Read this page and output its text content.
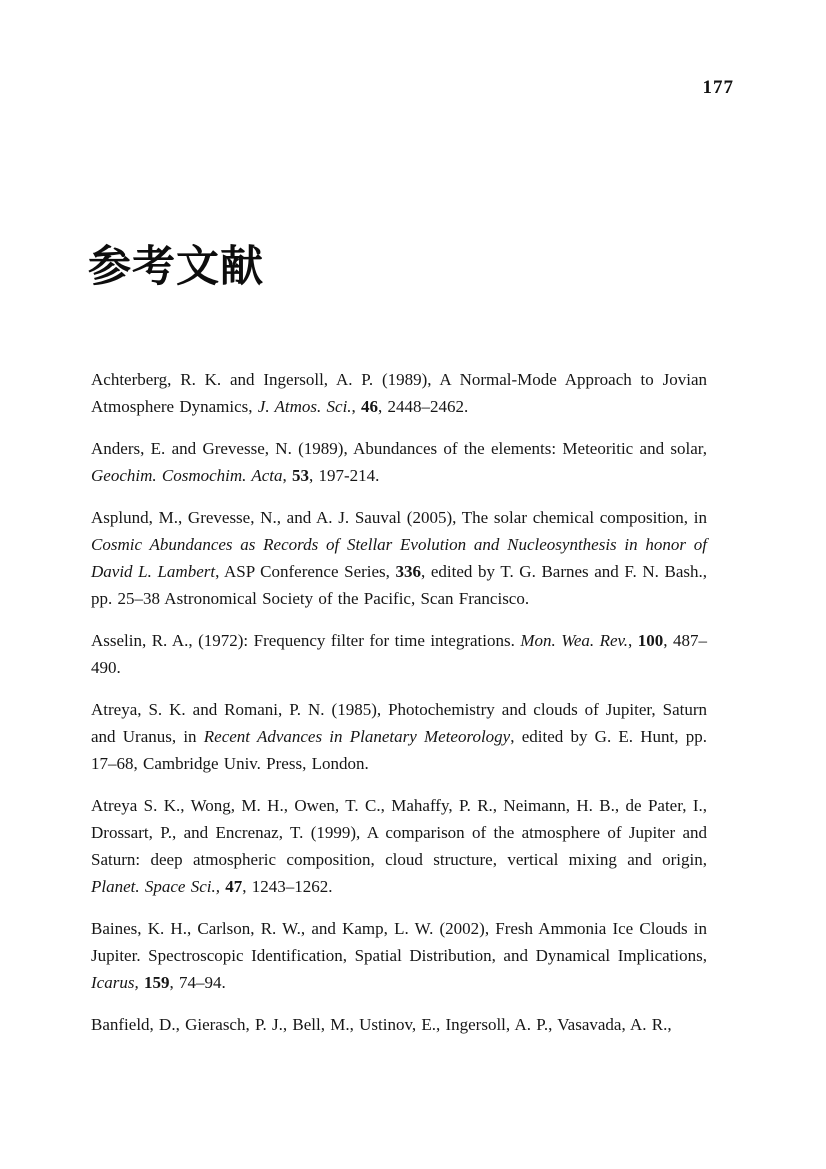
177
参考文献

Achterberg, R. K. and Ingersoll, A. P. (1989), A Normal-Mode Approach to Jovian Atmosphere Dynamics, J. Atmos. Sci., 46, 2448–2462.

Anders, E. and Grevesse, N. (1989), Abundances of the elements: Meteoritic and solar, Geochim. Cosmochim. Acta, 53, 197-214.

Asplund, M., Grevesse, N., and A. J. Sauval (2005), The solar chemical composition, in Cosmic Abundances as Records of Stellar Evolution and Nucleosynthesis in honor of David L. Lambert, ASP Conference Series, 336, edited by T. G. Barnes and F. N. Bash., pp. 25–38 Astronomical Society of the Pacific, Scan Francisco.

Asselin, R. A., (1972): Frequency filter for time integrations. Mon. Wea. Rev., 100, 487–490.

Atreya, S. K. and Romani, P. N. (1985), Photochemistry and clouds of Jupiter, Saturn and Uranus, in Recent Advances in Planetary Meteorology, edited by G. E. Hunt, pp. 17–68, Cambridge Univ. Press, London.

Atreya S. K., Wong, M. H., Owen, T. C., Mahaffy, P. R., Neimann, H. B., de Pater, I., Drossart, P., and Encrenaz, T. (1999), A comparison of the atmosphere of Jupiter and Saturn: deep atmospheric composition, cloud structure, vertical mixing and origin, Planet. Space Sci., 47, 1243–1262.

Baines, K. H., Carlson, R. W., and Kamp, L. W. (2002), Fresh Ammonia Ice Clouds in Jupiter. Spectroscopic Identification, Spatial Distribution, and Dynamical Implications, Icarus, 159, 74–94.

Banfield, D., Gierasch, P. J., Bell, M., Ustinov, E., Ingersoll, A. P., Vasavada, A. R.,
